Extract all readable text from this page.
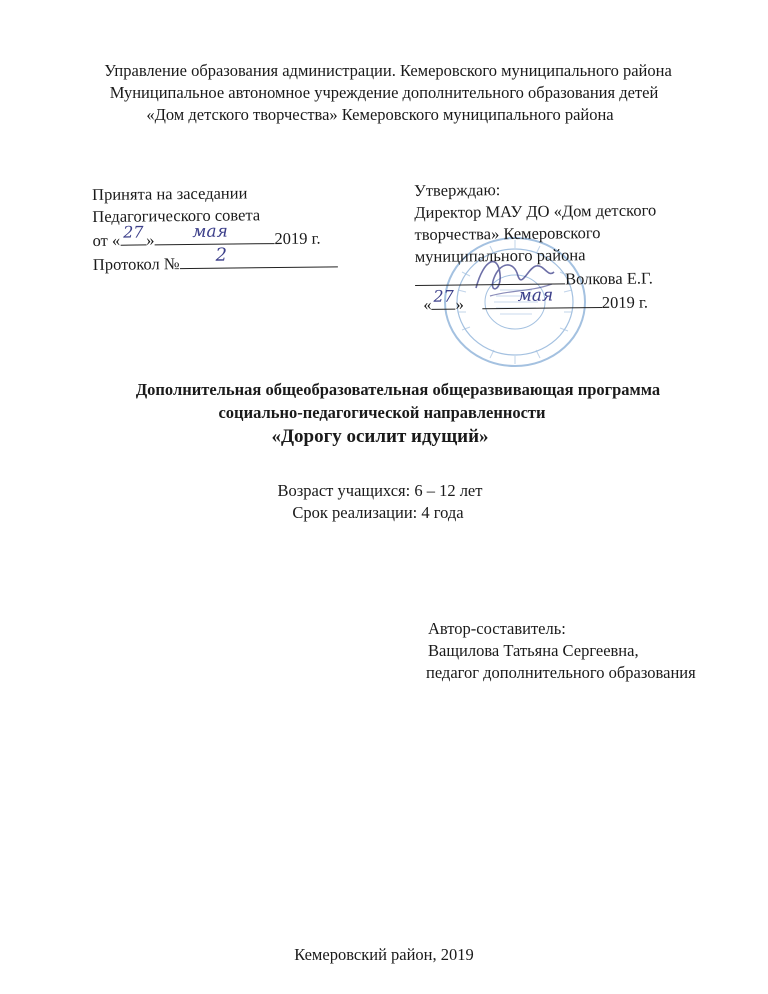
Управление образования администрации. Кемеровского муниципального района
Муниципальное автономное учреждение дополнительного образования детей
«Дом детского творчества» Кемеровского муниципального района
Принята на заседании
Педагогического совета
от « 27 » мая	2019 г.
Протокол № 2
Утверждаю:
Директор МАУ ДО «Дом детского
творчества» Кемеровского
муниципального района
Волкова Е.Г.
« 27 »	мая	2019 г.
Дополнительная общеобразовательная общеразвивающая программа
социально-педагогической направленности
«Дорогу осилит идущий»
Возраст учащихся: 6 – 12 лет
Срок реализации: 4 года
Автор-составитель:
Ващилова Татьяна Сергеевна,
педагог дополнительного образования
Кемеровский район, 2019
